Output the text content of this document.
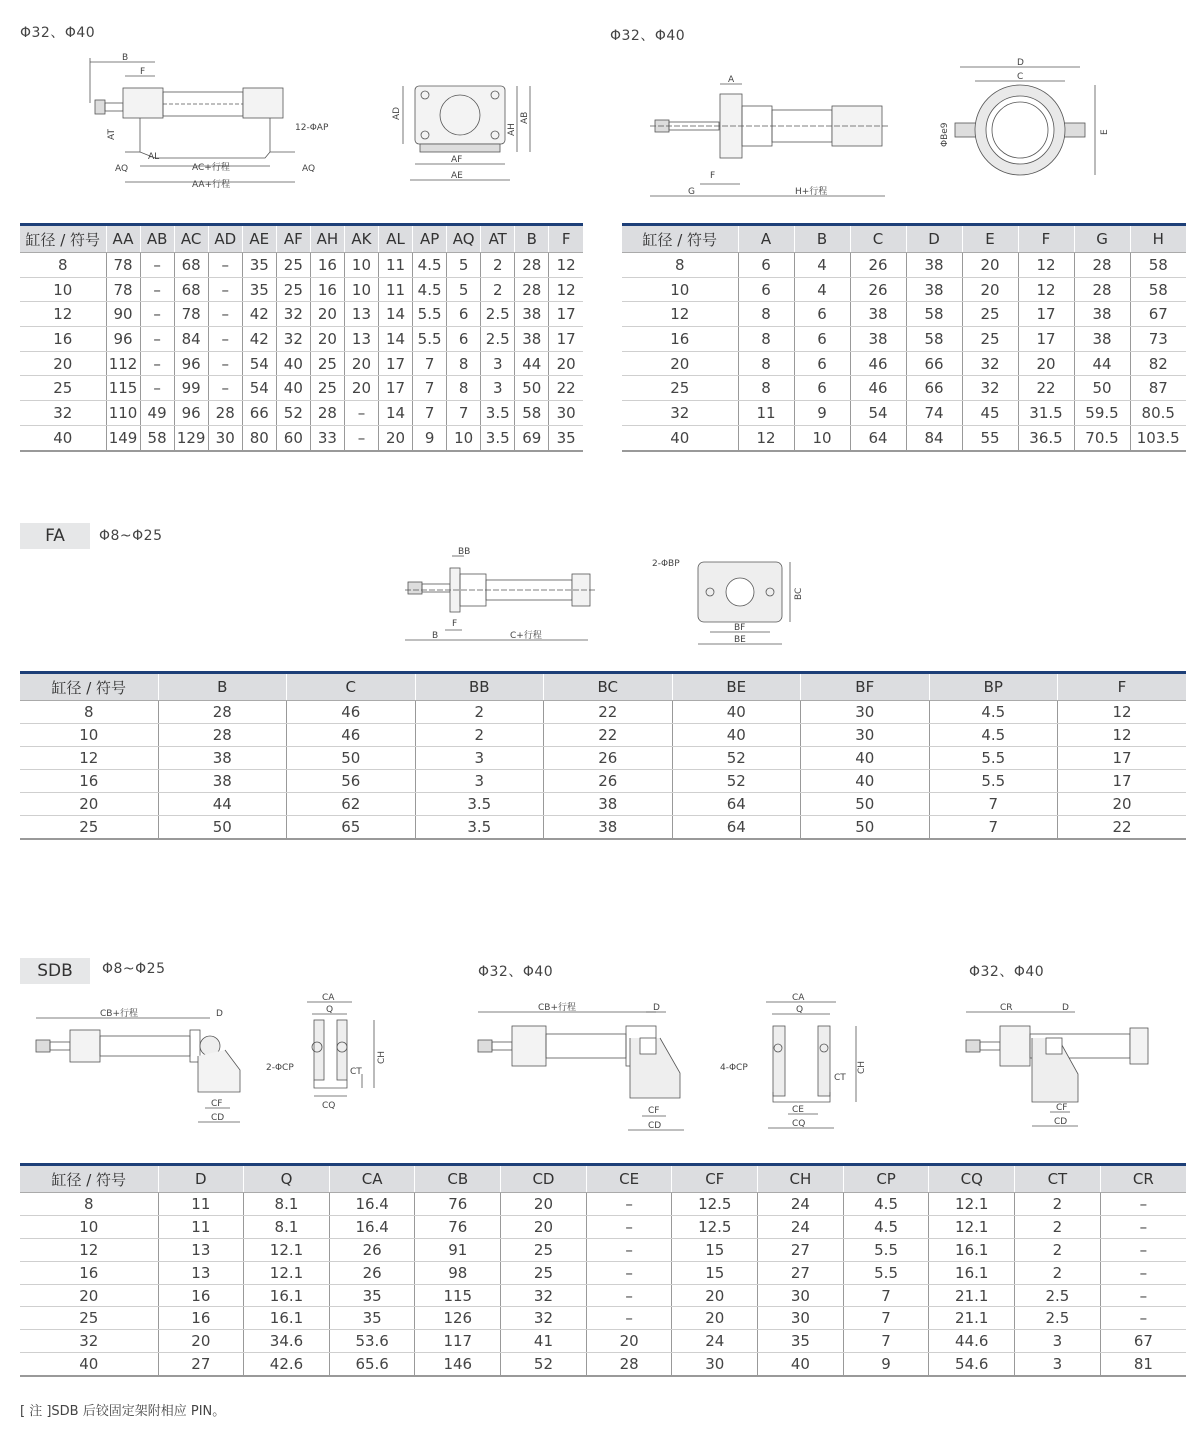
Φ32、Φ40	Φ32、Φ40
B
F
12-ΦAP
AQ	AQ
AL
AC+行程
AA+行程
AT
AD
AH
AB
AF
AE
A
F
G	H+行程
D
C
ΦBe9	E
缸径 / 符号	AA	AB	AC	AD	AE	AF	AH	AK	AL	AP	AQ	AT	B	F
8	78	–	68	–	35	25	16	10	11	4.5	5	2	28	12
10	78	–	68	–	35	25	16	10	11	4.5	5	2	28	12
12	90	–	78	–	42	32	20	13	14	5.5	6	2.5	38	17
16	96	–	84	–	42	32	20	13	14	5.5	6	2.5	38	17
20	112	–	96	–	54	40	25	20	17	7	8	3	44	20
25	115	–	99	–	54	40	25	20	17	7	8	3	50	22
32	110	49	96	28	66	52	28	–	14	7	7	3.5	58	30
40	149	58	129	30	80	60	33	–	20	9	10	3.5	69	35
缸径 / 符号	A	B	C	D	E	F	G	H
8	6	4	26	38	20	12	28	58
10	6	4	26	38	20	12	28	58
12	8	6	38	58	25	17	38	67
16	8	6	38	58	25	17	38	73
20	8	6	46	66	32	20	44	82
25	8	6	46	66	32	22	50	87
32	11	9	54	74	45	31.5	59.5	80.5
40	12	10	64	84	55	36.5	70.5	103.5
FA	Φ8~Φ25
BB
F
B	C+行程
2-ΦBP
BC
BF
BE
缸径 / 符号	B	C	BB	BC	BE	BF	BP	F
8	28	46	2	22	40	30	4.5	12
10	28	46	2	22	40	30	4.5	12
12	38	50	3	26	52	40	5.5	17
16	38	56	3	26	52	40	5.5	17
20	44	62	3.5	38	64	50	7	20
25	50	65	3.5	38	64	50	7	22
SDB	Φ8~Φ25	Φ32、Φ40	Φ32、Φ40
CB+行程	D
CF
CD
CA
Q
2-ΦCP	CT
CH
CQ
CB+行程	D
CF
CD
CA
Q
4-ΦCP
CT
CH
CE
CQ
CR	D
CF
CD
缸径 / 符号	D	Q	CA	CB	CD	CE	CF	CH	CP	CQ	CT	CR
8	11	8.1	16.4	76	20	–	12.5	24	4.5	12.1	2	–
10	11	8.1	16.4	76	20	–	12.5	24	4.5	12.1	2	–
12	13	12.1	26	91	25	–	15	27	5.5	16.1	2	–
16	13	12.1	26	98	25	–	15	27	5.5	16.1	2	–
20	16	16.1	35	115	32	–	20	30	7	21.1	2.5	–
25	16	16.1	35	126	32	–	20	30	7	21.1	2.5	–
32	20	34.6	53.6	117	41	20	24	35	7	44.6	3	67
40	27	42.6	65.6	146	52	28	30	40	9	54.6	3	81
[ 注 ]SDB 后铰固定架附相应 PIN。
